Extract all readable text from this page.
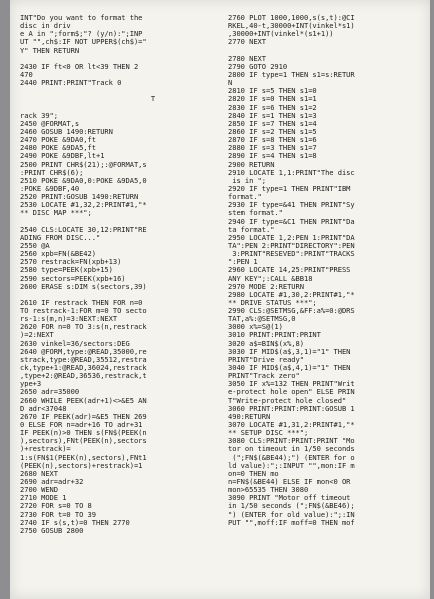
INT"Do you want to format the
disc in driv
e A in ";form$;"? (y/n):";INP
UT "",ch$:IF NOT UPPER$(ch$)="
Y" THEN RETURN
2430 IF ft<0 OR lt<39 THEN 2
470
2440 PRINT:PRINT"Track 0
T
rack 39";
2450 @FORMAT,s
2460 GOSUB 1490:RETURN
2470 POKE &9DA0,ft
2480 POKE &9DA5,ft
2490 POKE &9DBF,lt+1
2500 PRINT CHR$(21);:@FORMAT,s
:PRINT CHR$(6);
2510 POKE &9DA0,0:POKE &9DA5,0
:POKE &9DBF,40
2520 PRINT:GOSUB 1490:RETURN
2530 LOCATE #1,32,2:PRINT#1,"*
** DISC MAP ***";
2540 CLS:LOCATE 30,12:PRINT"RE
ADING FROM DISC..."
2550 @A
2560 xpb=FN(&BE42)
2570 restrack=FN(xpb+13)
2580 type=PEEK(xpb+15)
2590 sectors=PEEK(xpb+16)
2600 ERASE s:DIM s(sectors,39)
2610 IF restrack THEN FOR n=0
TO restrack-1:FOR m=0 TO secto
rs-1:s(m,n)=3:NEXT:NEXT
2620 FOR n=0 TO 3:s(n,restrack
)=2:NEXT
2630 vinkel=36/sectors:DEG
2640 @FORM,type:@READ,35000,re
strack,type:@READ,35512,restra
ck,type+1:@READ,36024,restrack
,type+2:@READ,36536,restrack,t
ype+3
2650 adr=35000
2660 WHILE PEEK(adr+1)<>&E5 AN
D adr<37048
2670 IF PEEK(adr)=&E5 THEN 269
0 ELSE FOR n=adr+16 TO adr+31
IF PEEK(n)>0 THEN s(FN$(PEEK(n
),sectors),FNt(PEEK(n),sectors
)+restrack)=
1:s(FN$1(PEEK(n),sectors),FNt1
(PEEK(n),sectors)+restrack)=1
2680 NEXT
2690 adr=adr+32
2700 WEND
2710 MODE 1
2720 FOR s=0 TO 8
2730 FOR t=0 TO 39
2740 IF s(s,t)=0 THEN 2770
2750 GOSUB 2800
2760 PLOT 1000,1000,s(s,t):@CI
RKEL,40-t,30000+INT(vinkel*s1)
,30000+INT(vinkel*(s1+1))
2770 NEXT
2780 NEXT
2790 GOTO 2910
2800 IF type=1 THEN s1=s:RETUR
N
2810 IF s=5 THEN s1=0
2820 IF s=0 THEN s1=1
2830 IF s=6 THEN s1=2
2840 IF s=1 THEN s1=3
2850 IF s=7 THEN s1=4
2860 IF s=2 THEN s1=5
2870 IF s=8 THEN s1=6
2880 IF s=3 THEN s1=7
2890 IF s=4 THEN s1=8
2900 RETURN
2910 LOCATE 1,1:PRINT"The disc
is in ";
2920 IF type=1 THEN PRINT"IBM
format."
2930 IF type=&41 THEN PRINT"Sy
stem format."
2940 IF type=&C1 THEN PRINT"Da
ta format."
2950 LOCATE 1,2:PEN 1:PRINT"DA
TA":PEN 2:PRINT"DIRECTORY":PEN
3:PRINT"RESEVED":PRINT"TRACKS
":PEN 1
2960 LOCATE 14,25:PRINT"PRESS
ANY KEY";:CALL &BB18
2970 MODE 2:RETURN
2980 LOCATE #1,30,2:PRINT#1,"*
** DRIVE STATUS ***";
2990 CLS:@SETMSG,&FF:a%=0:@DRS
TAT,a%:@SETMSG,0
3000 x%=S@(1)
3010 PRINT:PRINT:PRINT
3020 a$=BIN$(x%,8)
3030 IF MID$(a$,3,1)="1" THEN
PRINT"Drive ready"
3040 IF MID$(a$,4,1)="1" THEN
PRINT"Track zero"
3050 IF x%=132 THEN PRINT"Writ
e-protect hole open" ELSE PRIN
T"Write-protect hole closed"
3060 PRINT:PRINT:PRINT:GOSUB 1
490:RETURN
3070 LOCATE #1,31,2:PRINT#1,"*
** SETUP DISC ***";
3080 CLS:PRINT:PRINT:PRINT "Mo
tor on timeout in 1/50 seconds
(";FN$(&BE44);") (ENTER for o
ld value):";:INPUT "",mon:IF m
on=0 THEN mo
n=FN$(&BE44) ELSE IF mon<0 OR
mon>65535 THEN 3080
3090 PRINT "Motor off timeout
in 1/50 seconds (";FN$(&BE46);
") (ENTER for old value):";:IN
PUT "",moff:IF moff=0 THEN mof
